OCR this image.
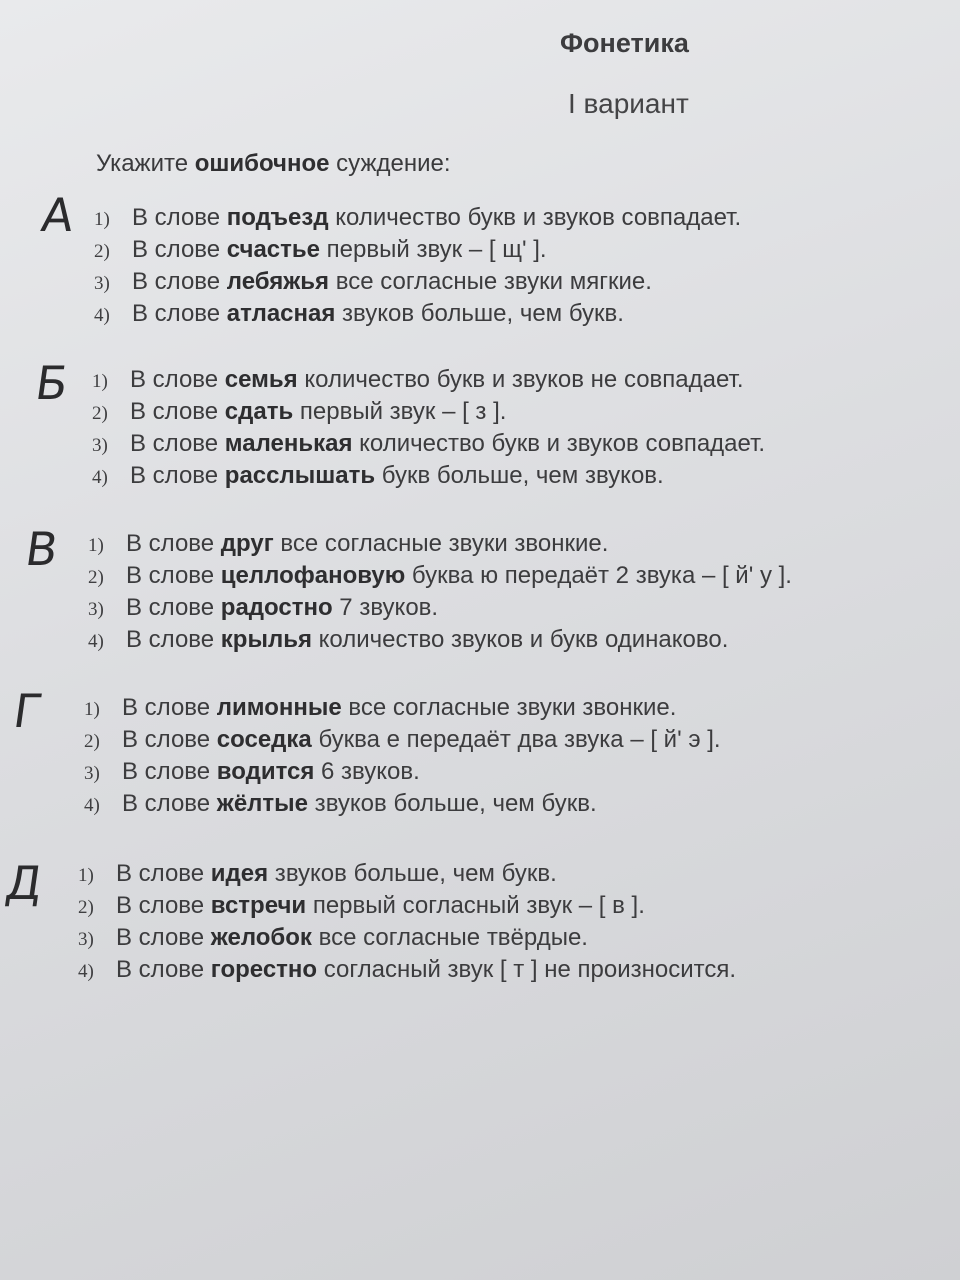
Фонетика
I вариант
Укажите ошибочное суждение:
А 1) В слове подъезд количество букв и звуков совпадает.
2) В слове счастье первый звук – [ щ' ].
3) В слове лебяжья все согласные звуки мягкие.
4) В слове атласная звуков больше, чем букв.
Б 1) В слове семья количество букв и звуков не совпадает.
2) В слове сдать первый звук – [ з ].
3) В слове маленькая количество букв и звуков совпадает.
4) В слове расслышать букв больше, чем звуков.
В 1) В слове друг все согласные звуки звонкие.
2) В слове целлофановую буква ю передаёт 2 звука – [ й' у ].
3) В слове радостно 7 звуков.
4) В слове крылья количество звуков и букв одинаково.
Г 1) В слове лимонные все согласные звуки звонкие.
2) В слове соседка буква е передаёт два звука – [ й' э ].
3) В слове водится 6 звуков.
4) В слове жёлтые звуков больше, чем букв.
Д 1) В слове идея звуков больше, чем букв.
2) В слове встречи первый согласный звук – [ в ].
3) В слове желобок все согласные твёрдые.
4) В слове горестно согласный звук [ т ] не произносится.
